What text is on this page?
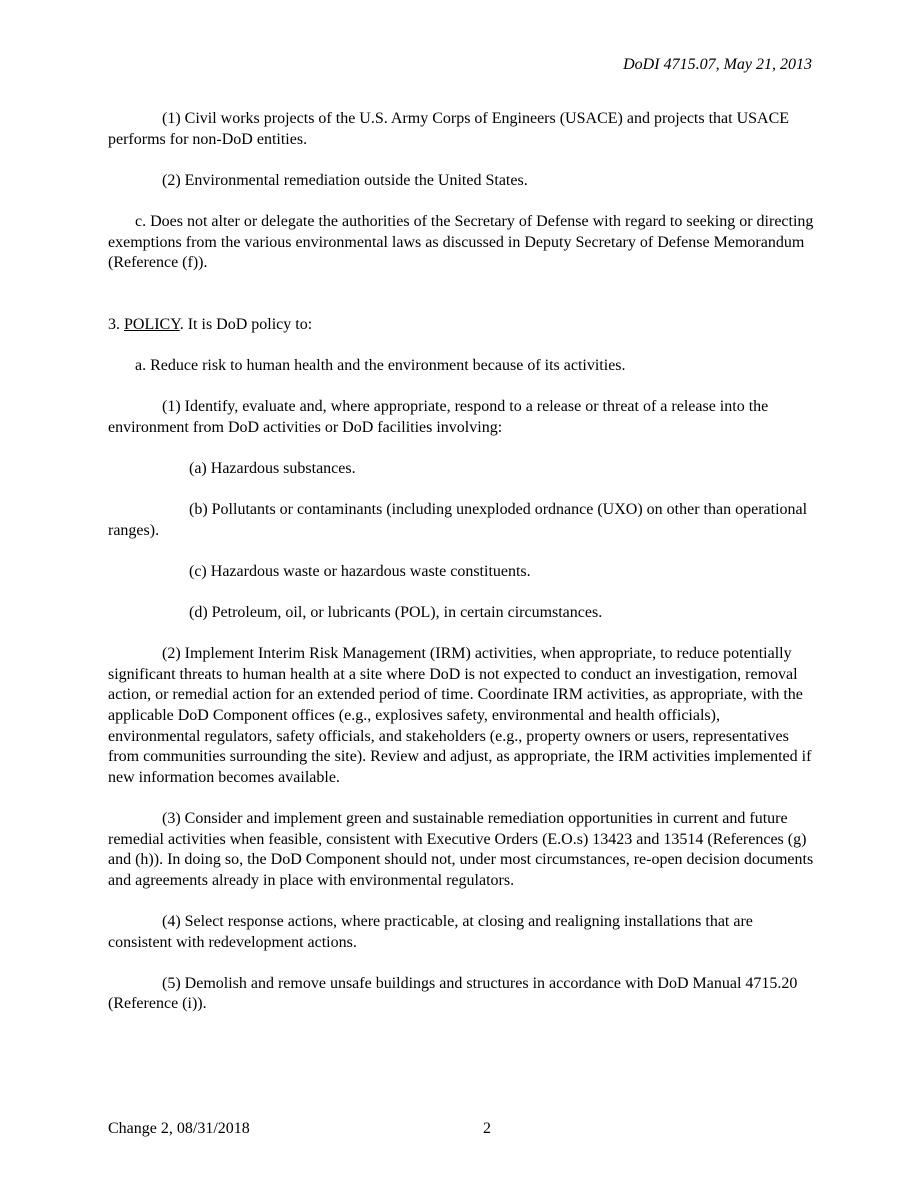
DoDI 4715.07, May 21, 2013

(1) Civil works projects of the U.S. Army Corps of Engineers (USACE) and projects that USACE performs for non-DoD entities.

(2) Environmental remediation outside the United States.

c. Does not alter or delegate the authorities of the Secretary of Defense with regard to seeking or directing exemptions from the various environmental laws as discussed in Deputy Secretary of Defense Memorandum (Reference (f)).

3. POLICY. It is DoD policy to:

a. Reduce risk to human health and the environment because of its activities.

(1) Identify, evaluate and, where appropriate, respond to a release or threat of a release into the environment from DoD activities or DoD facilities involving:

(a) Hazardous substances.

(b) Pollutants or contaminants (including unexploded ordnance (UXO) on other than operational ranges).

(c) Hazardous waste or hazardous waste constituents.

(d) Petroleum, oil, or lubricants (POL), in certain circumstances.

(2) Implement Interim Risk Management (IRM) activities, when appropriate, to reduce potentially significant threats to human health at a site where DoD is not expected to conduct an investigation, removal action, or remedial action for an extended period of time. Coordinate IRM activities, as appropriate, with the applicable DoD Component offices (e.g., explosives safety, environmental and health officials), environmental regulators, safety officials, and stakeholders (e.g., property owners or users, representatives from communities surrounding the site). Review and adjust, as appropriate, the IRM activities implemented if new information becomes available.

(3) Consider and implement green and sustainable remediation opportunities in current and future remedial activities when feasible, consistent with Executive Orders (E.O.s) 13423 and 13514 (References (g) and (h)). In doing so, the DoD Component should not, under most circumstances, re-open decision documents and agreements already in place with environmental regulators.

(4) Select response actions, where practicable, at closing and realigning installations that are consistent with redevelopment actions.

(5) Demolish and remove unsafe buildings and structures in accordance with DoD Manual 4715.20 (Reference (i)).

Change 2, 08/31/2018	2
